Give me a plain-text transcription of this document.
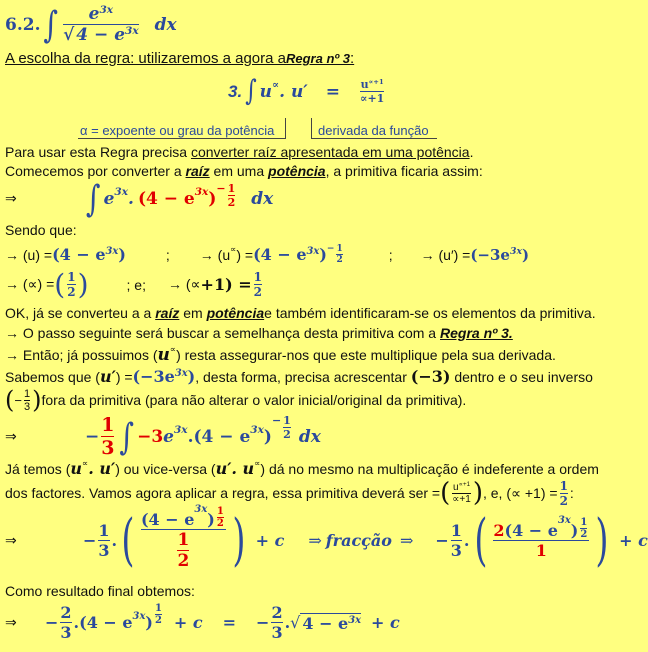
6.2. ∫ $\frac{e^{3x}}{√ 4 - e^{3x}}$ dx
A escolha da regra: utilizaremos a agora a Regra nº 3 :
3. ∫ u ∝ . $u' = \frac{u^{\propto+1}}{\propto+1}$
α = expoente ou grau da potência	derivada da função
Para usar esta Regra precisa
converter raíz apresentada em uma potência .
Comecemos por converter a
raíz
em uma
potência , a primitiva ficaria assim:
⇒	∫ e 3x . (4 − e 3x ) − $\frac{1}{2}$ dx
Sendo que:
→ $(u) = (4 - e^{3x})$	; → (u ∝ ) = $(4 - e^{3x}) - \frac{1}{2}$	; → $(u') = (-3e^{3x})$
→ (∝) = ( $\frac{1}{2}$ )	; e; → (∝ $+1) = \frac{1}{2}$
OK, já se converteu a a
raíz
em
potência e também identificaram-se os elementos da primitiva.
→ O passo seguinte será buscar a semelhança desta primitiva com a
Regra nº 3.
→ Então; já possuimos ( u ∝ ) resta assegurar-nos que este multiplique pela sua derivada.
Sabemos que ( u′ ) = $(-3e^{3x})$ , desta forma, precisa acrescentar
(−3)
dentro e o seu inverso
( − $\frac{1}{3}$ ) fora da primitiva (para não alterar o valor inicial/original da primitiva).
⇒	− $\frac{1}{3}$ ∫ −3 e 3x .(4 − e 3x )
− $\frac{1}{2}$ dx
Já temos ( u ∝ . u′ ) ou vice-versa ( u′. u ∝ ) dá no mesmo na multiplicação é indeferente a ordem
dos factores. Vamos agora aplicar a regra, essa primitiva deverá ser = ( $\frac{u^{\propto+1}}{\propto+1}$ ) , e, (∝ $+1) = \frac{1}{2}$ :
⇒	− $\frac{1}{3}$ . ( (4 − e
3x
) $\frac{1}{2}$
$\frac{1}{2}$ ) + c ⇒ fracção ⇒ − $\frac{1}{3}$ . ( 2 (4 − e
3x
) $\frac{1}{2}$
1 ) + c
Como resultado final obtemos:
⇒	− $\frac{2}{3} .(4 - e$ 3x ) $\frac{1}{2} + c$ = − $\frac{2}{3}$ . √ $4 - e^{3x} + c$
